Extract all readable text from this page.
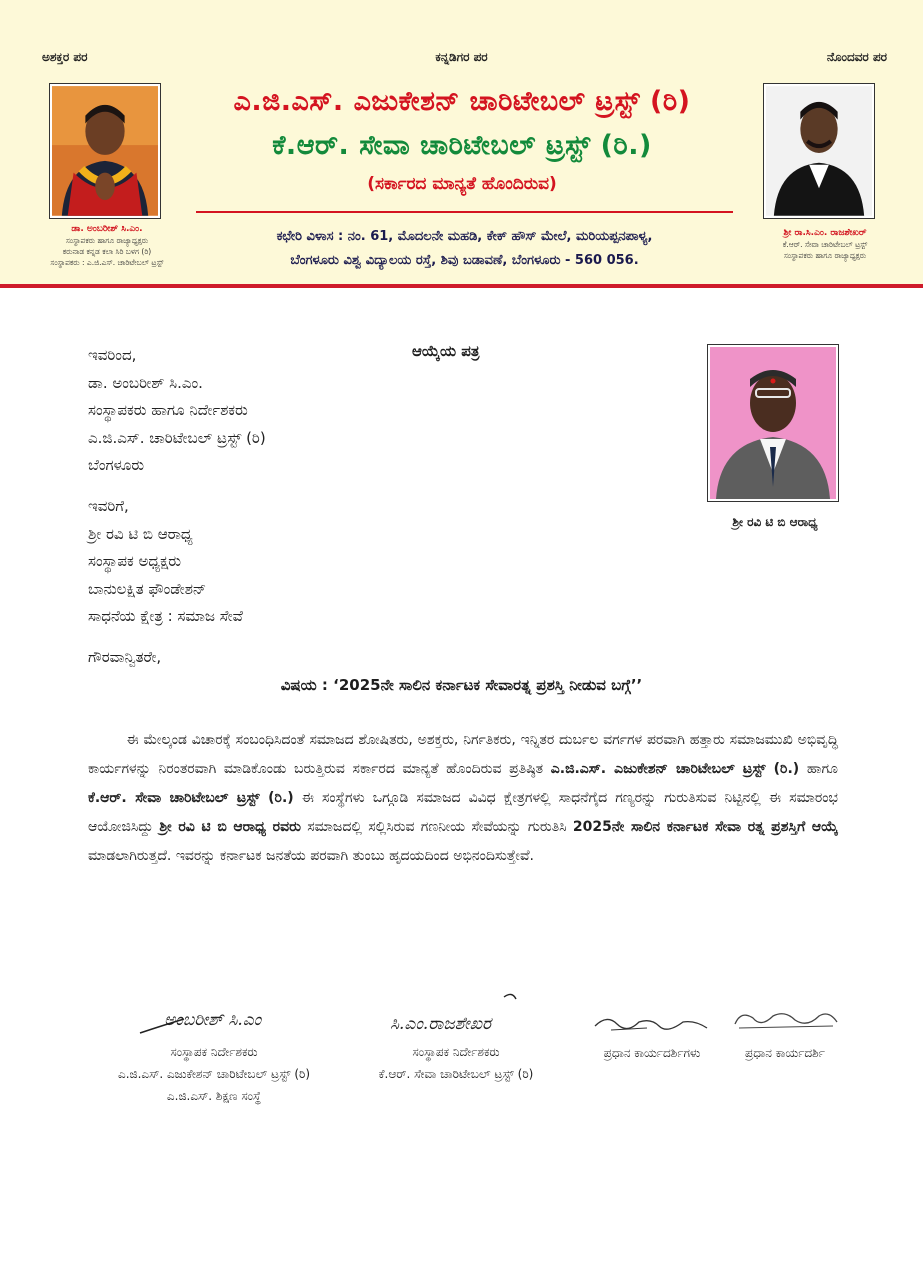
ಅಶಕ್ತರ ಪರ	ಕನ್ನಡಿಗರ ಪರ	ನೊಂದವರ ಪರ
ಡಾ. ಅಂಬರೀಶ್ ಸಿ.ಎಂ.
ಸಂಸ್ಥಾಪಕರು ಹಾಗೂ ರಾಜ್ಯಾಧ್ಯಕ್ಷರು
ಕರುನಾಡ ಕನ್ನಡ ಕಲಾ ಸಿರಿ ಬಳಗ (ರಿ)
ಸಂಸ್ಥಾಪಕರು : ಎ.ಜಿ.ಎಸ್. ಚಾರಿಟೇಬಲ್ ಟ್ರಸ್ಟ್
ಎ.ಜಿ.ಎಸ್. ಎಜುಕೇಶನ್ ಚಾರಿಟೇಬಲ್ ಟ್ರಸ್ಟ್ (ರಿ)
ಕೆ.ಆರ್. ಸೇವಾ ಚಾರಿಟೇಬಲ್ ಟ್ರಸ್ಟ್ (ರಿ.)
(ಸರ್ಕಾರದ ಮಾನ್ಯತೆ ಹೊಂದಿರುವ)
ಕಛೇರಿ ವಿಳಾಸ : ನಂ. 61, ಮೊದಲನೇ ಮಹಡಿ, ಕೇಕ್ ಹೌಸ್ ಮೇಲೆ, ಮರಿಯಪ್ಪನಪಾಳ್ಯ,
ಬೆಂಗಳೂರು ವಿಶ್ವ ವಿದ್ಯಾಲಯ ರಸ್ತೆ, ಶಿವು ಬಡಾವಣೆ, ಬೆಂಗಳೂರು - 560 056.
ಶ್ರೀ ರಾ.ಸಿ.ಎಂ. ರಾಜಶೇಖರ್
ಕೆ.ಆರ್. ಸೇವಾ ಚಾರಿಟೇಬಲ್ ಟ್ರಸ್ಟ್
ಸಂಸ್ಥಾಪಕರು ಹಾಗೂ ರಾಜ್ಯಾಧ್ಯಕ್ಷರು
ಆಯ್ಕೆಯ ಪತ್ರ
ಇವರಿಂದ,
ಡಾ. ಅಂಬರೀಶ್ ಸಿ.ಎಂ.
ಸಂಸ್ಥಾಪಕರು ಹಾಗೂ ನಿರ್ದೇಶಕರು
ಎ.ಜಿ.ಎಸ್. ಚಾರಿಟೇಬಲ್ ಟ್ರಸ್ಟ್ (ರಿ)
ಬೆಂಗಳೂರು
ಶ್ರೀ ರವಿ ಟಿ ಬಿ ಆರಾಧ್ಯ
ಇವರಿಗೆ,
ಶ್ರೀ ರವಿ ಟಿ ಬಿ ಆರಾಧ್ಯ
ಸಂಸ್ಥಾಪಕ ಅಧ್ಯಕ್ಷರು
ಬಾನುಲಕ್ಷಿತ ಫೌಂಡೇಶನ್
ಸಾಧನೆಯ ಕ್ಷೇತ್ರ : ಸಮಾಜ ಸೇವೆ
ಗೌರವಾನ್ವಿತರೇ,
ವಿಷಯ : ‘2025ನೇ ಸಾಲಿನ ಕರ್ನಾಟಕ ಸೇವಾರತ್ನ ಪ್ರಶಸ್ತಿ ನೀಡುವ ಬಗ್ಗೆ’’

ಈ ಮೇಲ್ಕಂಡ ವಿಚಾರಕ್ಕೆ ಸಂಬಂಧಿಸಿದಂತೆ ಸಮಾಜದ ಶೋಷಿತರು, ಅಶಕ್ತರು, ನಿರ್ಗತಿಕರು, ಇನ್ನಿತರ ದುರ್ಬಲ ವರ್ಗಗಳ ಪರವಾಗಿ ಹತ್ತಾರು ಸಮಾಜಮುಖಿ ಅಭಿವೃದ್ಧಿ ಕಾರ್ಯಗಳನ್ನು ನಿರಂತರವಾಗಿ ಮಾಡಿಕೊಂಡು ಬರುತ್ತಿರುವ ಸರ್ಕಾರದ ಮಾನ್ಯತೆ ಹೊಂದಿರುವ ಪ್ರತಿಷ್ಠಿತ ಎ.ಜಿ.ಎಸ್. ಎಜುಕೇಶನ್ ಚಾರಿಟೇಬಲ್ ಟ್ರಸ್ಟ್ (ರಿ.) ಹಾಗೂ ಕೆ.ಆರ್. ಸೇವಾ ಚಾರಿಟೇಬಲ್ ಟ್ರಸ್ಟ್ (ರಿ.) ಈ ಸಂಸ್ಥೆಗಳು ಒಗ್ಗೂಡಿ ಸಮಾಜದ ವಿವಿಧ ಕ್ಷೇತ್ರಗಳಲ್ಲಿ ಸಾಧನೆಗೈದ ಗಣ್ಯರನ್ನು ಗುರುತಿಸುವ ನಿಟ್ಟಿನಲ್ಲಿ ಈ ಸಮಾರಂಭ ಆಯೋಜಿಸಿದ್ದು ಶ್ರೀ ರವಿ ಟಿ ಬಿ ಆರಾಧ್ಯ ರವರು ಸಮಾಜದಲ್ಲಿ ಸಲ್ಲಿಸಿರುವ ಗಣನೀಯ ಸೇವೆಯನ್ನು ಗುರುತಿಸಿ 2025ನೇ ಸಾಲಿನ ಕರ್ನಾಟಕ ಸೇವಾ ರತ್ನ ಪ್ರಶಸ್ತಿಗೆ ಆಯ್ಕೆ ಮಾಡಲಾಗಿರುತ್ತದೆ. ಇವರನ್ನು ಕರ್ನಾಟಕ ಜನತೆಯ ಪರವಾಗಿ ತುಂಬು ಹೃದಯದಿಂದ ಅಭಿನಂದಿಸುತ್ತೇವೆ.

ಅಂಬರೀಶ್ ಸಿ.ಎಂ
ಸಂಸ್ಥಾಪಕ ನಿರ್ದೇಶಕರು
ಎ.ಜಿ.ಎಸ್. ಎಜುಕೇಶನ್ ಚಾರಿಟೇಬಲ್ ಟ್ರಸ್ಟ್ (ರಿ)
ಎ.ಜಿ.ಎಸ್. ಶಿಕ್ಷಣ ಸಂಸ್ಥೆ
ಸಿ.ಎಂ.ರಾಜಶೇಖರ
ಸಂಸ್ಥಾಪಕ ನಿರ್ದೇಶಕರು
ಕೆ.ಆರ್. ಸೇವಾ ಚಾರಿಟೇಬಲ್ ಟ್ರಸ್ಟ್ (ರಿ)
ಪ್ರಧಾನ ಕಾರ್ಯದರ್ಶಿಗಳು	ಪ್ರಧಾನ ಕಾರ್ಯದರ್ಶಿ
